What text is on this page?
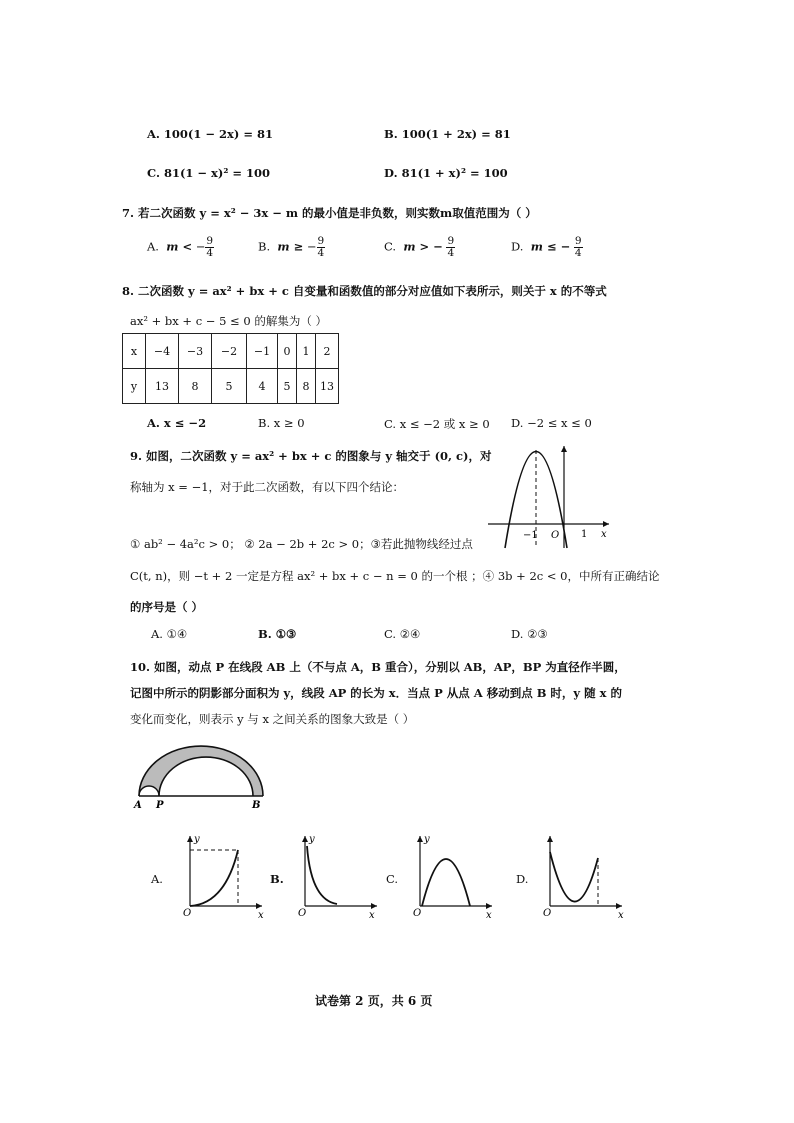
A. 100(1 − 2x) = 81	B. 100(1 + 2x) = 81
C. 81(1 − x)² = 100	D. 81(1 + x)² = 100
7. 若二次函数 y = x² − 3x − m 的最小值是非负数，则实数m取值范围为（ ）
A. m < − $\frac{9}{4}$	B. m ≥ − $\frac{9}{4}$	C. m > − $\frac{9}{4}$	D. m ≤ − $\frac{9}{4}$
8. 二次函数 y = ax² + bx + c 自变量和函数值的部分对应值如下表所示，则关于 x 的不等式
ax² + bx + c − 5 ≤ 0 的解集为（ ）
x	−4	−3	−2	−1	0	1	2
y	13	8	5	4	5	8	13
A. x ≤ −2	B. x ≥ 0	C. x ≤ −2 或 x ≥ 0 D. −2 ≤ x ≤ 0
9. 如图，二次函数 y = ax² + bx + c 的图象与 y 轴交于 (0, c)，对
称轴为 x = −1，对于此二次函数，有以下四个结论：
① ab² − 4a²c > 0； ② 2a − 2b + 2c > 0；③若此抛物线经过点
C(t, n)，则 −t + 2 一定是方程 ax² + bx + c − n = 0 的一个根 ；④ 3b + 2c < 0，中所有正确结论
的序号是（ ）
−1 O 1 x
A. ①④	B. ①③	C. ②④	D. ②③
10. 如图，动点 P 在线段 AB 上（不与点 A，B 重合），分别以 AB，AP，BP 为直径作半圆，
记图中所示的阴影部分面积为 y，线段 AP 的长为 x．当点 P 从点 A 移动到点 B 时，y 随 x 的
变化而变化，则表示 y 与 x 之间关系的图象大致是（ ）
A P	B
A.
y
O	x
B.
y
O	x
C.
y
O	x
D.
O	x
试卷第 2 页，共 6 页
